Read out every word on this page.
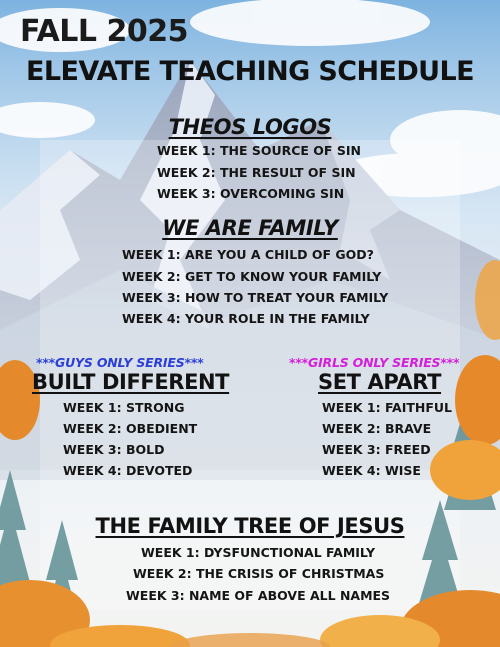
FALL 2025
ELEVATE TEACHING SCHEDULE
THEOS LOGOS
WEEK 1: THE SOURCE OF SIN
WEEK 2: THE RESULT OF SIN
WEEK 3: OVERCOMING SIN
WE ARE FAMILY
WEEK 1: ARE YOU A CHILD OF GOD?
WEEK 2: GET TO KNOW YOUR FAMILY
WEEK 3: HOW TO TREAT YOUR FAMILY
WEEK 4: YOUR ROLE IN THE FAMILY
***GUYS ONLY SERIES***
BUILT DIFFERENT
WEEK 1: STRONG
WEEK 2: OBEDIENT
WEEK 3: BOLD
WEEK 4: DEVOTED
***GIRLS ONLY SERIES***
SET APART
WEEK 1: FAITHFUL
WEEK 2: BRAVE
WEEK 3: FREED
WEEK 4: WISE
THE FAMILY TREE OF JESUS
WEEK 1: DYSFUNCTIONAL FAMILY
WEEK 2: THE CRISIS OF CHRISTMAS
WEEK 3: NAME OF ABOVE ALL NAMES
